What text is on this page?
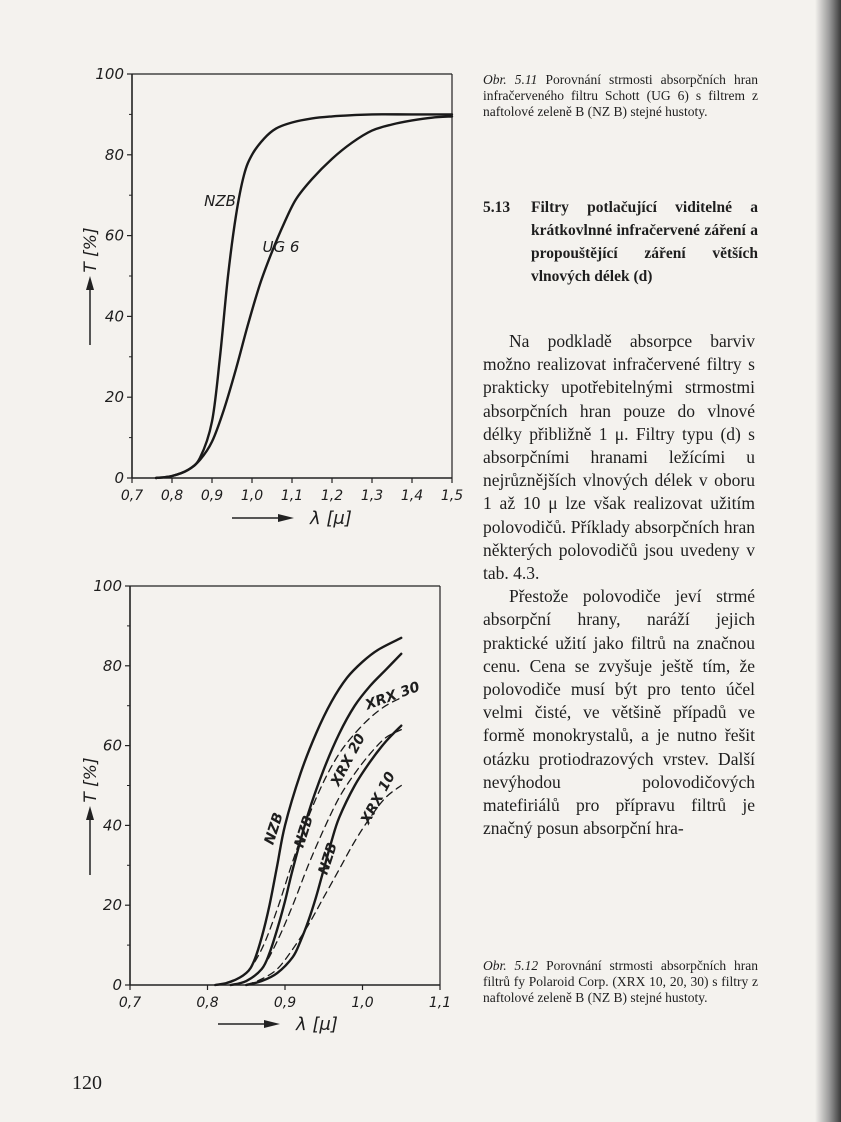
0
20
40
60
80
100
0,7 0,8 0,9 1,0 1,1 1,2 1,3 1,4 1,5
T [%]
λ [μ]
NZB
UG 6
0
20
40
60
80
100
0,7	0,8	0,9	1,0	1,1
T [%]
λ [μ]
NZB
XRX 30
NZB
XRX 20
NZB
XRX 10
Obr. 5.11 Porovnání strmosti absorpčních hran infračerveného filtru Schott (UG 6) s filtrem z naftolové zeleně B (NZ B) stejné hustoty.
5.13	Filtry potlačující viditelné a krátkovlnné infračervené záření a propouštějící záření větších vlnových délek (d)

Na podkladě absorpce barviv možno realizovat infračervené filtry s prakticky upotřebitelnými strmostmi absorpčních hran pouze do vlnové délky přibližně 1 μ. Filtry typu (d) s absorpčními hranami ležícími u nejrůznějších vlnových délek v oboru 1 až 10 μ lze však realizovat užitím polovodičů. Příklady absorpčních hran některých polovodičů jsou uvedeny v tab. 4.3.

Přestože polovodiče jeví strmé absorpční hrany, naráží jejich praktické užití jako filtrů na značnou cenu. Cena se zvyšuje ještě tím, že polovodiče musí být pro tento účel velmi čisté, ve většině případů ve formě monokrystalů, a je nutno řešit otázku protiodrazových vrstev. Další nevýhodou polovodičových matefiriálů pro přípravu filtrů je značný posun absorpční hra-

Obr. 5.12 Porovnání strmosti absorpčních hran filtrů fy Polaroid Corp. (XRX 10, 20, 30) s filtry z naftolové zeleně B (NZ B) stejné hustoty.
120
